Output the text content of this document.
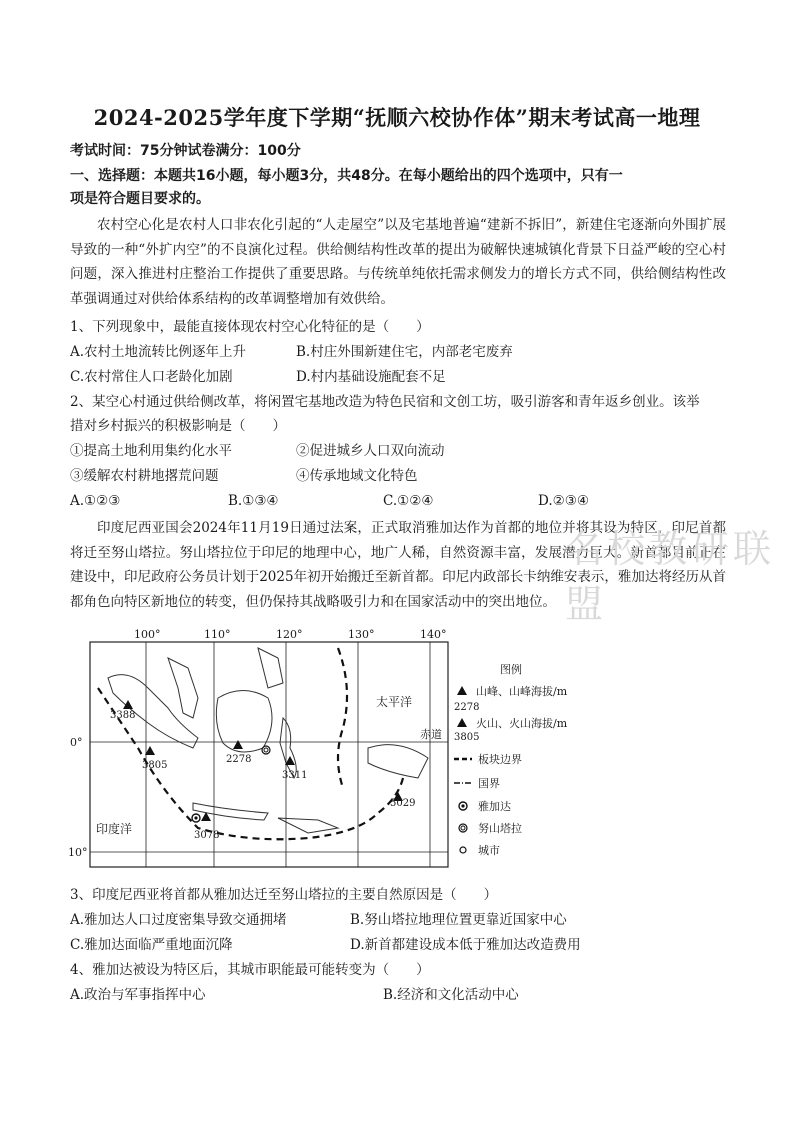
2024-2025学年度下学期“抚顺六校协作体”期末考试高一地理
考试时间：75分钟试卷满分：100分
一、选择题：本题共16小题，每小题3分，共48分。在每小题给出的四个选项中，只有一
项是符合题目要求的。
农村空心化是农村人口非农化引起的“人走屋空”以及宅基地普遍“建新不拆旧”，新建住宅逐渐向外围扩展导致的一种“外扩内空”的不良演化过程。供给侧结构性改革的提出为破解快速城镇化背景下日益严峻的空心村问题，深入推进村庄整治工作提供了重要思路。与传统单纯依托需求侧发力的增长方式不同，供给侧结构性改革强调通过对供给体系结构的改革调整增加有效供给。
1、下列现象中，最能直接体现农村空心化特征的是（　　）
A.农村土地流转比例逐年上升	B.村庄外围新建住宅，内部老宅废弃
C.农村常住人口老龄化加剧	D.村内基础设施配套不足
2、某空心村通过供给侧改革，将闲置宅基地改造为特色民宿和文创工坊，吸引游客和青年返乡创业。该举
措对乡村振兴的积极影响是（　　）
①提高土地利用集约化水平	②促进城乡人口双向流动
③缓解农村耕地撂荒问题	④传承地域文化特色
A.①②③	B.①③④	C.①②④	D.②③④
印度尼西亚国会2024年11月19日通过法案，正式取消雅加达作为首都的地位并将其设为特区，印尼首都将迁至努山塔拉。努山塔拉位于印尼的地理中心，地广人稀，自然资源丰富，发展潜力巨大。新首都目前正在建设中，印尼政府公务员计划于2025年初开始搬迁至新首都。印尼内政部长卡纳维安表示，雅加达将经历从首都角色向特区新地位的转变，但仍保持其战略吸引力和在国家活动中的突出地位。
名校教研联盟
100°	110°	120°	130°	140°
0°
10°
3388
3805
2278
3311
3078
5029
太平洋
印度洋
赤道
图例
山峰、山峰海拔/m
2278
火山、火山海拔/m
3805
板块边界
国界
雅加达
努山塔拉
城市
3、印度尼西亚将首都从雅加达迁至努山塔拉的主要自然原因是（　　）
A.雅加达人口过度密集导致交通拥堵	B.努山塔拉地理位置更靠近国家中心
C.雅加达面临严重地面沉降	D.新首都建设成本低于雅加达改造费用
4、雅加达被设为特区后，其城市职能最可能转变为（　　）
A.政治与军事指挥中心	B.经济和文化活动中心
